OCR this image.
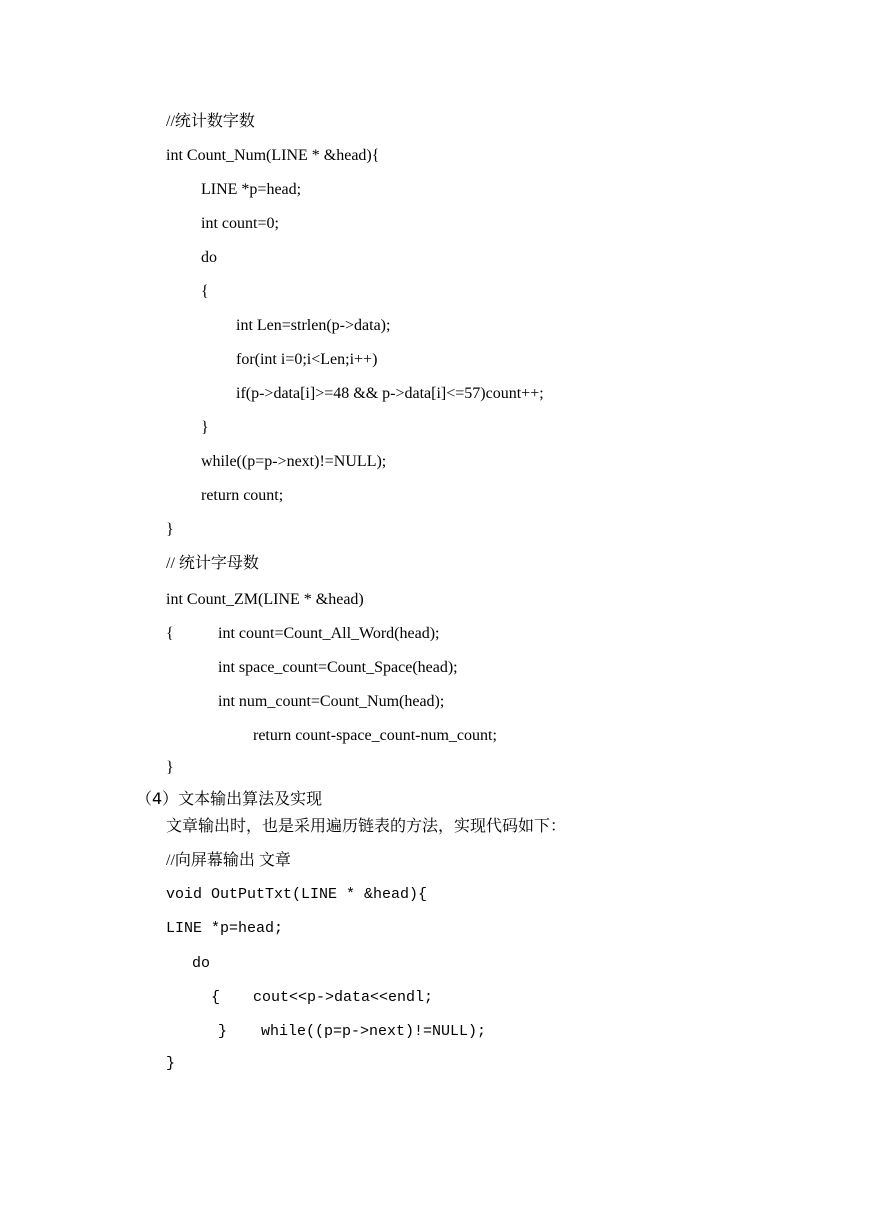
//统计数字数
int Count_Num(LINE * &head){
LINE *p=head;
int count=0;
do
{
int Len=strlen(p->data);
for(int i=0;i<Len;i++)
if(p->data[i]>=48 && p->data[i]<=57)count++;
}
while((p=p->next)!=NULL);
return count;
}
// 统计字母数
int Count_ZM(LINE * &head)
{	int count=Count_All_Word(head);
int space_count=Count_Space(head);
int num_count=Count_Num(head);
return count-space_count-num_count;
}
（4）文本输出算法及实现
文章输出时，也是采用遍历链表的方法，实现代码如下：
//向屏幕输出 文章
void OutPutTxt(LINE * &head){
LINE *p=head;
do
{ cout<<p->data<<endl;
} while((p=p->next)!=NULL);
}
